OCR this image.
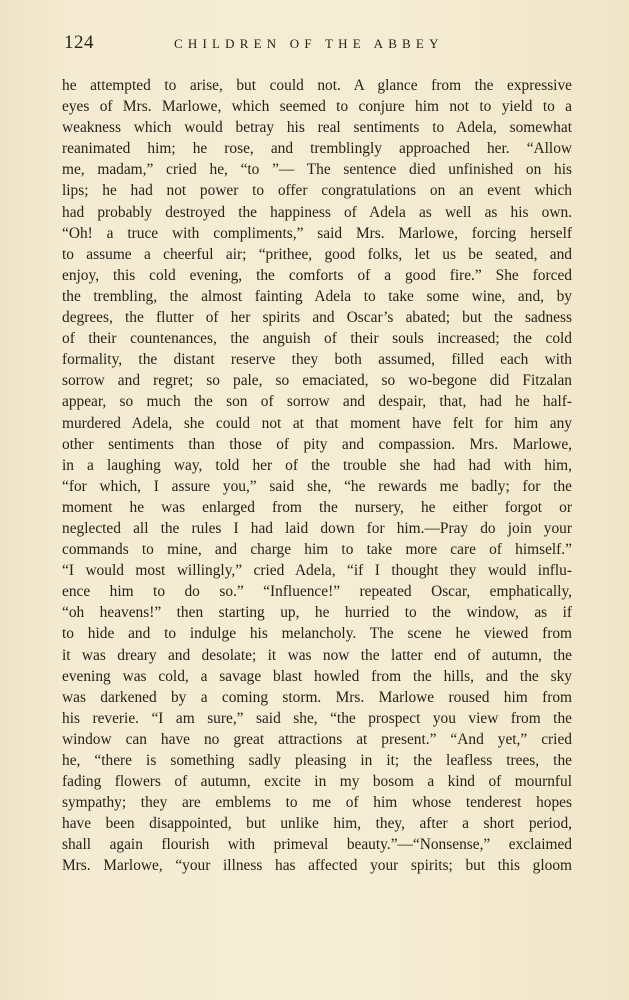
124	CHILDREN OF THE ABBEY
he attempted to arise, but could not. A glance from the expressive
eyes of Mrs. Marlowe, which seemed to conjure him not to yield to a
weakness which would betray his real sentiments to Adela, somewhat
reanimated him; he rose, and tremblingly approached her. “Allow
me, madam,” cried he, “to ”— The sentence died unfinished on his
lips; he had not power to offer congratulations on an event which
had probably destroyed the happiness of Adela as well as his own.
“Oh! a truce with compliments,” said Mrs. Marlowe, forcing herself
to assume a cheerful air; “prithee, good folks, let us be seated, and
enjoy, this cold evening, the comforts of a good fire.” She forced
the trembling, the almost fainting Adela to take some wine, and, by
degrees, the flutter of her spirits and Oscar’s abated; but the sadness
of their countenances, the anguish of their souls increased; the cold
formality, the distant reserve they both assumed, filled each with
sorrow and regret; so pale, so emaciated, so wo-begone did Fitzalan
appear, so much the son of sorrow and despair, that, had he half-
murdered Adela, she could not at that moment have felt for him any
other sentiments than those of pity and compassion. Mrs. Marlowe,
in a laughing way, told her of the trouble she had had with him,
“for which, I assure you,” said she, “he rewards me badly; for the
moment he was enlarged from the nursery, he either forgot or
neglected all the rules I had laid down for him.—Pray do join your
commands to mine, and charge him to take more care of himself.”
“I would most willingly,” cried Adela, “if I thought they would influ-
ence him to do so.” “Influence!” repeated Oscar, emphatically,
“oh heavens!” then starting up, he hurried to the window, as if
to hide and to indulge his melancholy. The scene he viewed from
it was dreary and desolate; it was now the latter end of autumn, the
evening was cold, a savage blast howled from the hills, and the sky
was darkened by a coming storm. Mrs. Marlowe roused him from
his reverie. “I am sure,” said she, “the prospect you view from the
window can have no great attractions at present.” “And yet,” cried
he, “there is something sadly pleasing in it; the leafless trees, the
fading flowers of autumn, excite in my bosom a kind of mournful
sympathy; they are emblems to me of him whose tenderest hopes
have been disappointed, but unlike him, they, after a short period,
shall again flourish with primeval beauty.”—“Nonsense,” exclaimed
Mrs. Marlowe, “your illness has affected your spirits; but this gloom
